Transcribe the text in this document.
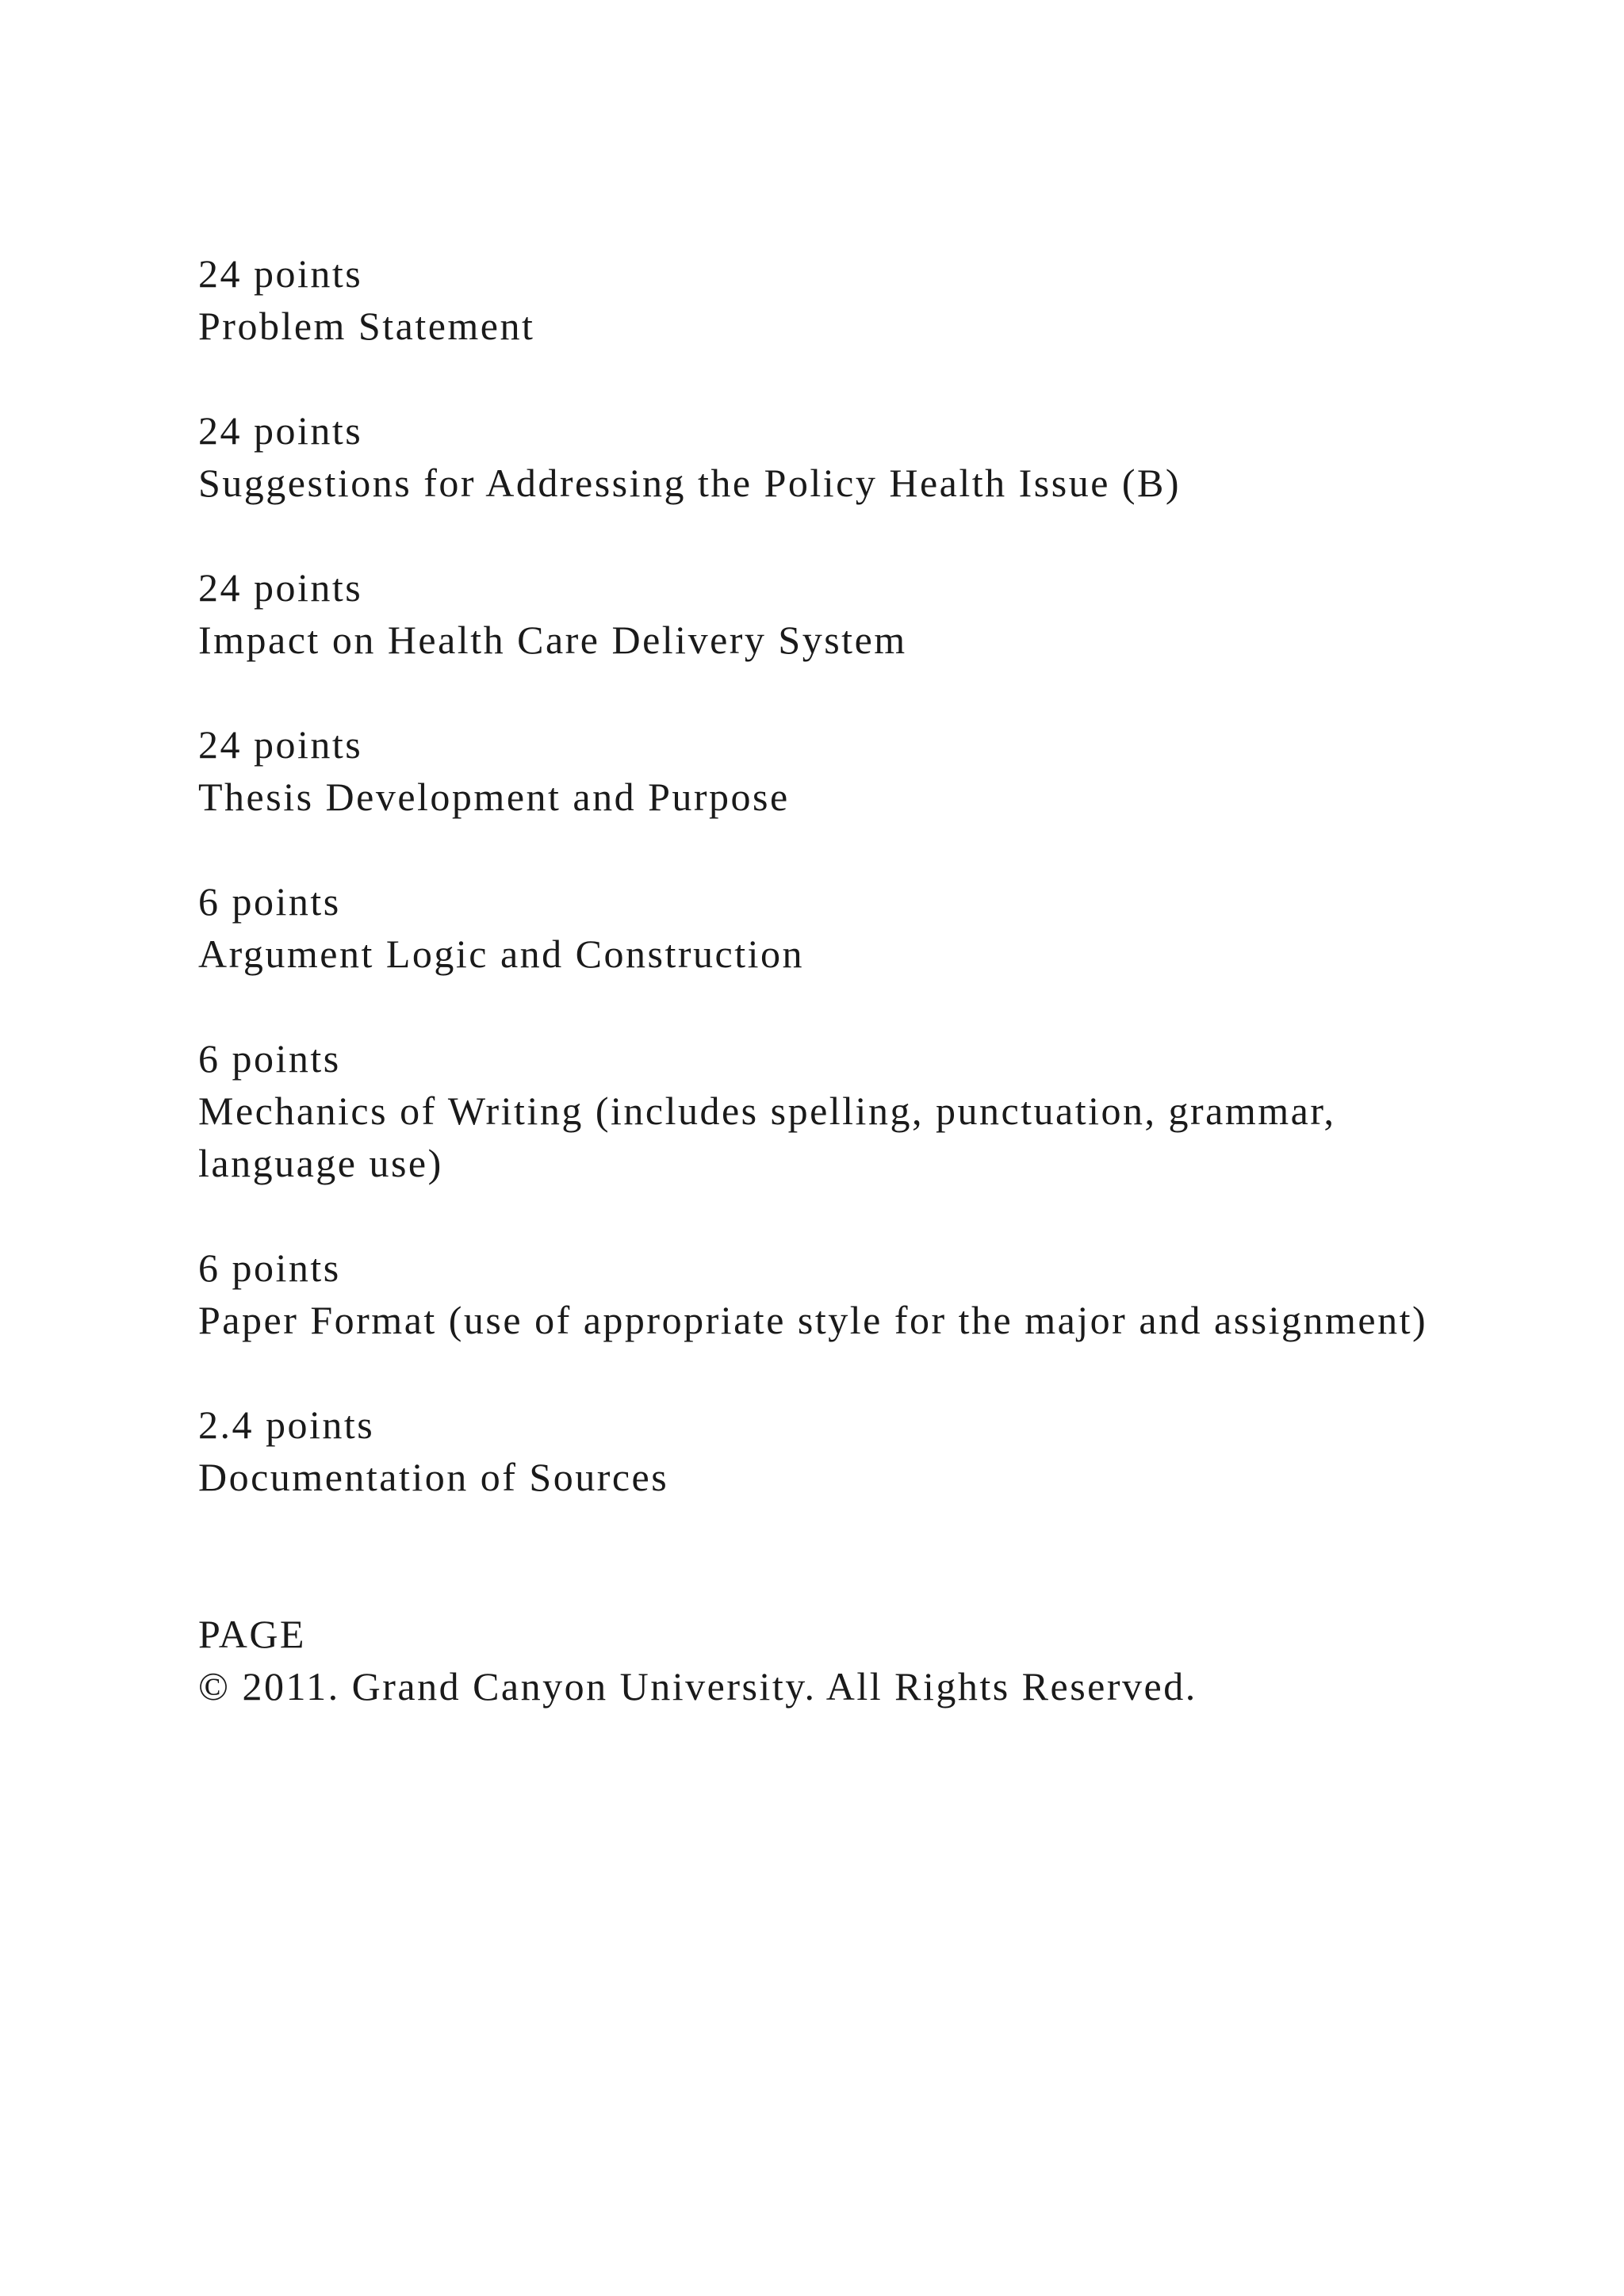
24 points
Problem Statement
24 points
Suggestions for Addressing the Policy Health Issue (B)
24 points
Impact on Health Care Delivery System
24 points
Thesis Development and Purpose
6 points
Argument Logic and Construction
6 points
Mechanics of Writing (includes spelling, punctuation, grammar, language use)
6 points
Paper Format (use of appropriate style for the major and assignment)
2.4 points
Documentation of Sources
PAGE
© 2011. Grand Canyon University. All Rights Reserved.
